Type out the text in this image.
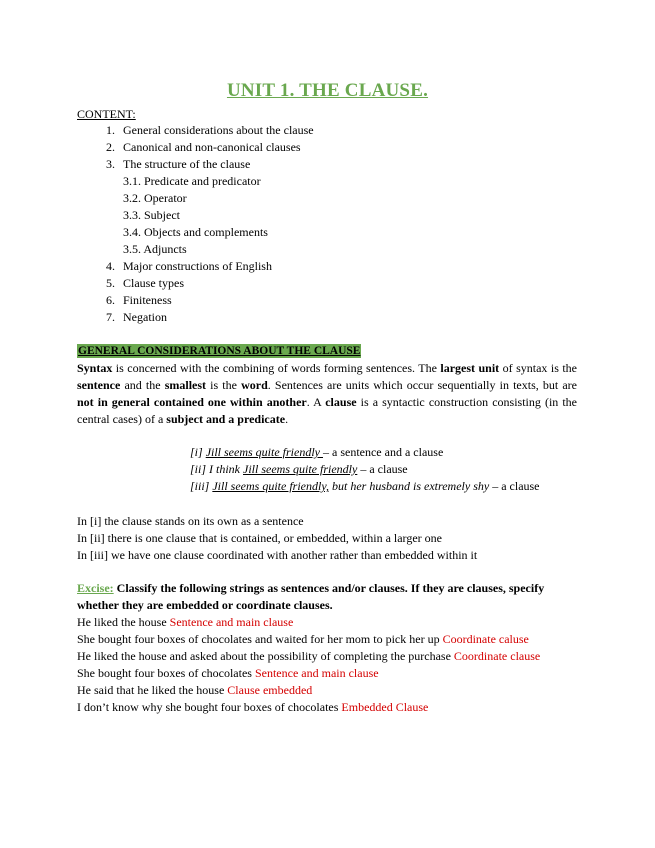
UNIT 1. THE CLAUSE.
CONTENT:
1. General considerations about the clause
2. Canonical and non-canonical clauses
3. The structure of the clause
3.1. Predicate and predicator
3.2. Operator
3.3. Subject
3.4. Objects and complements
3.5. Adjuncts
4. Major constructions of English
5. Clause types
6. Finiteness
7. Negation
GENERAL CONSIDERATIONS ABOUT THE CLAUSE
Syntax is concerned with the combining of words forming sentences. The largest unit of syntax is the sentence and the smallest is the word. Sentences are units which occur sequentially in texts, but are not in general contained one within another. A clause is a syntactic construction consisting (in the central cases) of a subject and a predicate.
[i] Jill seems quite friendly – a sentence and a clause
[ii] I think Jill seems quite friendly – a clause
[iii] Jill seems quite friendly, but her husband is extremely shy – a clause
In [i] the clause stands on its own as a sentence
In [ii] there is one clause that is contained, or embedded, within a larger one
In [iii] we have one clause coordinated with another rather than embedded within it
Excise: Classify the following strings as sentences and/or clauses. If they are clauses, specify whether they are embedded or coordinate clauses.
He liked the house Sentence and main clause
She bought four boxes of chocolates and waited for her mom to pick her up Coordinate caluse
He liked the house and asked about the possibility of completing the purchase Coordinate clause
She bought four boxes of chocolates Sentence and main clause
He said that he liked the house Clause embedded
I don’t know why she bought four boxes of chocolates Embedded Clause
